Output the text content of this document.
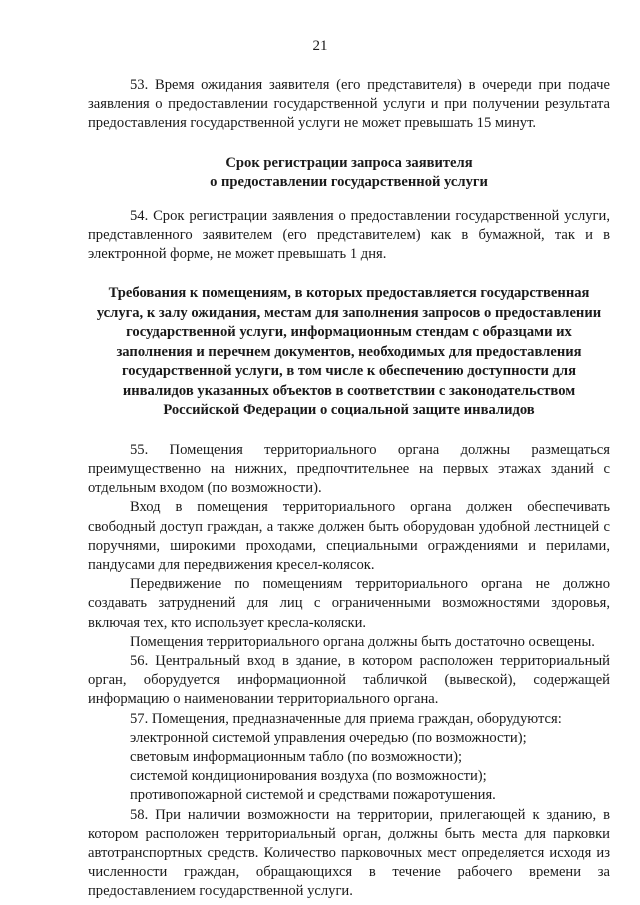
21

53. Время ожидания заявителя (его представителя) в очереди при подаче заявления о предоставлении государственной услуги и при получении результата предоставления государственной услуги не может превышать 15 минут.

Срок регистрации запроса заявителя

о предоставлении государственной услуги

54. Срок регистрации заявления о предоставлении государственной услуги, представленного заявителем (его представителем) как в бумажной, так и в электронной форме, не может превышать 1 дня.

Требования к помещениям, в которых предоставляется государственная услуга, к залу ожидания, местам для заполнения запросов о предоставлении государственной услуги, информационным стендам с образцами их заполнения и перечнем документов, необходимых для предоставления государственной услуги, в том числе к обеспечению доступности для инвалидов указанных объектов в соответствии с законодательством Российской Федерации о социальной защите инвалидов

55. Помещения территориального органа должны размещаться преимущественно на нижних, предпочтительнее на первых этажах зданий с отдельным входом (по возможности).

Вход в помещения территориального органа должен обеспечивать свободный доступ граждан, а также должен быть оборудован удобной лестницей с поручнями, широкими проходами, специальными ограждениями и перилами, пандусами для передвижения кресел-колясок.

Передвижение по помещениям территориального органа не должно создавать затруднений для лиц с ограниченными возможностями здоровья, включая тех, кто использует кресла-коляски.

Помещения территориального органа должны быть достаточно освещены.

56. Центральный вход в здание, в котором расположен территориальный орган, оборудуется информационной табличкой (вывеской), содержащей информацию о наименовании территориального органа.

57. Помещения, предназначенные для приема граждан, оборудуются:

электронной системой управления очередью (по возможности);

световым информационным табло (по возможности);

системой кондиционирования воздуха (по возможности);

противопожарной системой и средствами пожаротушения.

58. При наличии возможности на территории, прилегающей к зданию, в котором расположен территориальный орган, должны быть места для парковки автотранспортных средств. Количество парковочных мест определяется исходя из численности граждан, обращающихся в течение рабочего времени за предоставлением государственной услуги.
